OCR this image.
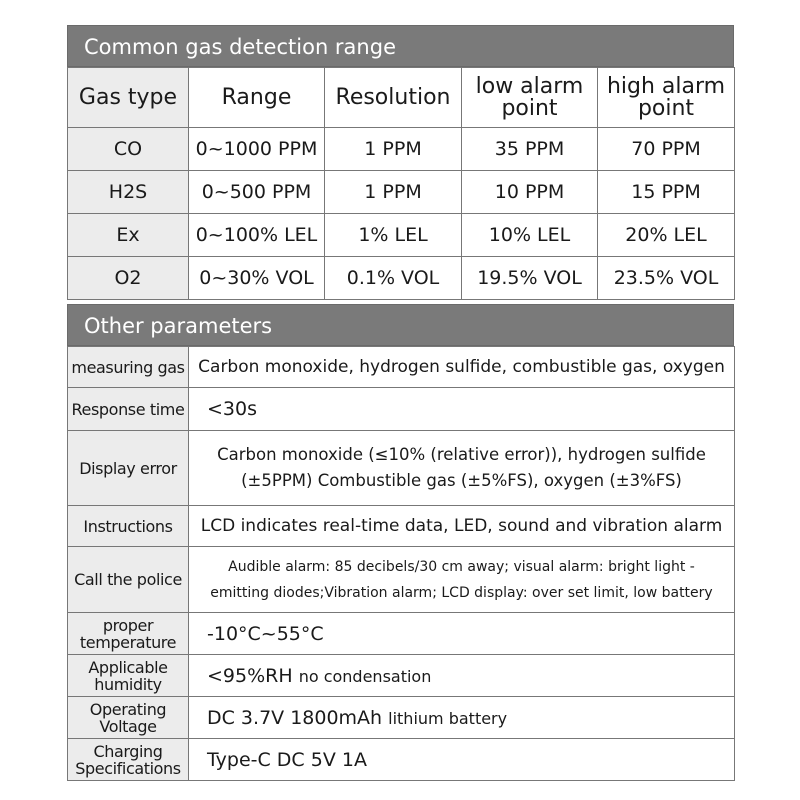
Common gas detection range
Gas type	Range	Resolution	low alarm point	high alarm point
CO	0~1000 PPM	1 PPM	35 PPM	70 PPM
H2S	0~500 PPM	1 PPM	10 PPM	15 PPM
Ex	0~100% LEL	1% LEL	10% LEL	20% LEL
O2	0~30% VOL	0.1% VOL	19.5% VOL	23.5% VOL
Other parameters
measuring gas	Carbon monoxide, hydrogen sulfide, combustible gas, oxygen
Response time	<30s
Display error	Carbon monoxide (≤10% (relative error)), hydrogen sulfide (±5PPM) Combustible gas (±5%FS), oxygen (±3%FS)
Instructions	LCD indicates real-time data, LED, sound and vibration alarm
Call the police	Audible alarm: 85 decibels/30 cm away; visual alarm: bright light -emitting diodes;Vibration alarm; LCD display: over set limit, low battery
proper temperature	-10°C~55°C
Applicable humidity	<95%RH no condensation
Operating Voltage	DC 3.7V 1800mAh lithium battery
Charging Specifications	Type-C DC 5V 1A
